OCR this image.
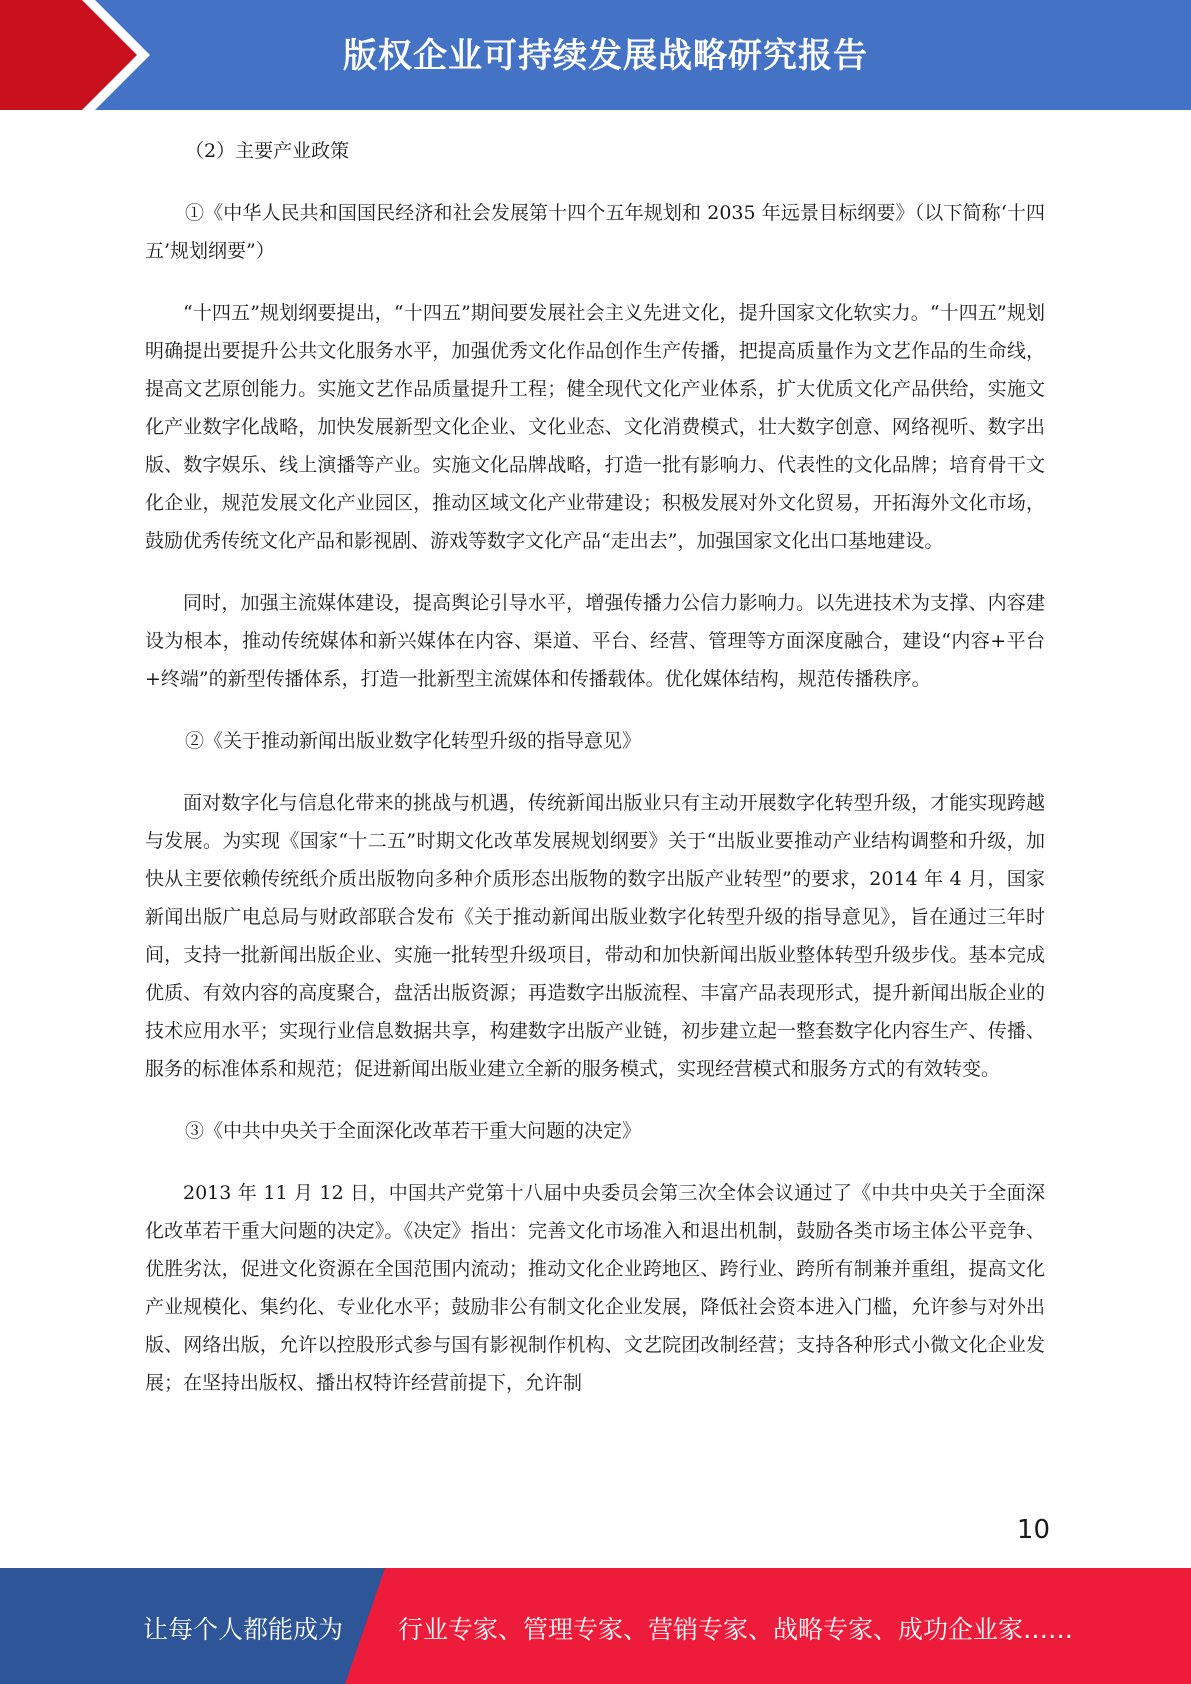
版权企业可持续发展战略研究报告

（2）主要产业政策

①《中华人民共和国国民经济和社会发展第十四个五年规划和 2035 年远景目标纲要》（以下简称‘十四五’规划纲要”）

“十四五”规划纲要提出，“十四五”期间要发展社会主义先进文化，提升国家文化软实力。“十四五”规划明确提出要提升公共文化服务水平，加强优秀文化作品创作生产传播，把提高质量作为文艺作品的生命线，提高文艺原创能力。实施文艺作品质量提升工程；健全现代文化产业体系，扩大优质文化产品供给，实施文化产业数字化战略，加快发展新型文化企业、文化业态、文化消费模式，壮大数字创意、网络视听、数字出版、数字娱乐、线上演播等产业。实施文化品牌战略，打造一批有影响力、代表性的文化品牌；培育骨干文化企业，规范发展文化产业园区，推动区域文化产业带建设；积极发展对外文化贸易，开拓海外文化市场，鼓励优秀传统文化产品和影视剧、游戏等数字文化产品“走出去”，加强国家文化出口基地建设。

同时，加强主流媒体建设，提高舆论引导水平，增强传播力公信力影响力。以先进技术为支撑、内容建设为根本，推动传统媒体和新兴媒体在内容、渠道、平台、经营、管理等方面深度融合，建设“内容+平台+终端”的新型传播体系，打造一批新型主流媒体和传播载体。优化媒体结构，规范传播秩序。

②《关于推动新闻出版业数字化转型升级的指导意见》

面对数字化与信息化带来的挑战与机遇，传统新闻出版业只有主动开展数字化转型升级，才能实现跨越与发展。为实现《国家“十二五”时期文化改革发展规划纲要》关于“出版业要推动产业结构调整和升级，加快从主要依赖传统纸介质出版物向多种介质形态出版物的数字出版产业转型”的要求，2014 年 4 月，国家新闻出版广电总局与财政部联合发布《关于推动新闻出版业数字化转型升级的指导意见》，旨在通过三年时间，支持一批新闻出版企业、实施一批转型升级项目，带动和加快新闻出版业整体转型升级步伐。基本完成优质、有效内容的高度聚合，盘活出版资源；再造数字出版流程、丰富产品表现形式，提升新闻出版企业的技术应用水平；实现行业信息数据共享，构建数字出版产业链，初步建立起一整套数字化内容生产、传播、服务的标准体系和规范；促进新闻出版业建立全新的服务模式，实现经营模式和服务方式的有效转变。

③《中共中央关于全面深化改革若干重大问题的决定》

2013 年 11 月 12 日，中国共产党第十八届中央委员会第三次全体会议通过了《中共中央关于全面深化改革若干重大问题的决定》。《决定》指出：完善文化市场准入和退出机制，鼓励各类市场主体公平竞争、优胜劣汰，促进文化资源在全国范围内流动；推动文化企业跨地区、跨行业、跨所有制兼并重组，提高文化产业规模化、集约化、专业化水平；鼓励非公有制文化企业发展，降低社会资本进入门槛，允许参与对外出版、网络出版，允许以控股形式参与国有影视制作机构、文艺院团改制经营；支持各种形式小微文化企业发展；在坚持出版权、播出权特许经营前提下，允许制

10
让每个人都能成为 行业专家、管理专家、营销专家、战略专家、成功企业家……
